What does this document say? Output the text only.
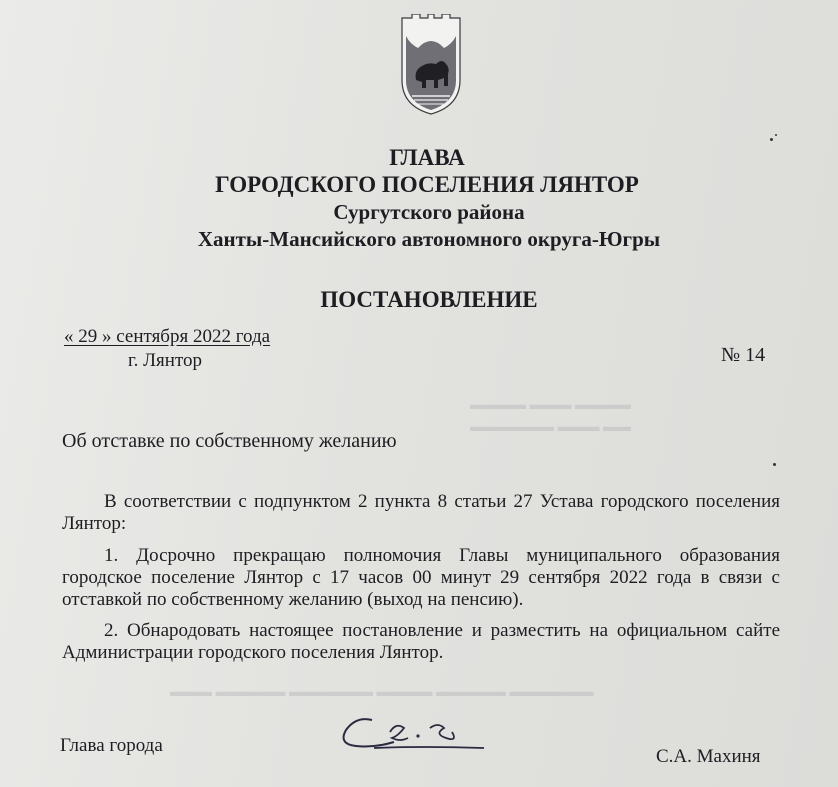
▬▬▬▬ ▬▬▬ ▬▬▬▬
▬▬▬▬▬▬ ▬▬▬ ▬▬
▬▬▬ ▬▬▬▬▬ ▬▬▬▬▬▬ ▬▬▬▬ ▬▬▬▬▬ ▬▬▬▬▬▬
ГЛАВА
ГОРОДСКОГО ПОСЕЛЕНИЯ ЛЯНТОР
Сургутского района
Ханты-Мансийского автономного округа-Югры
ПОСТАНОВЛЕНИЕ
« 29 » сентября 2022 года
г. Лянтор	№ 14
Об отставке по собственному желанию
В соответствии с подпунктом 2 пункта 8 статьи 27 Устава городского поселения Лянтор:
1. Досрочно прекращаю полномочия Главы муниципального образования городское поселение Лянтор с 17 часов 00 минут 29 сентября 2022 года в связи с отставкой по собственному желанию (выход на пенсию).
2. Обнародовать настоящее постановление и разместить на официальном сайте Администрации городского поселения Лянтор.
Глава города
С.А. Махиня
